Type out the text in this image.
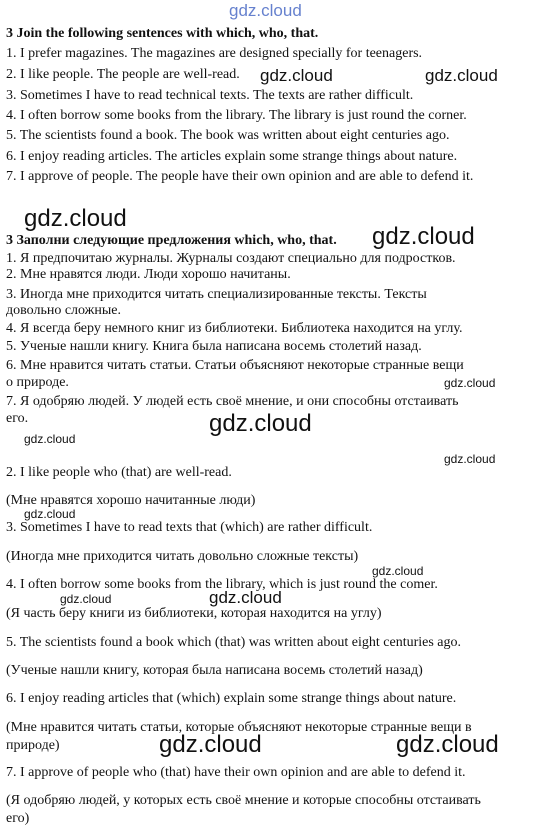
gdz.cloud
3 Join the following sentences with which, who, that.
1. I prefer magazines. The magazines are designed specially for teenagers.
2. I like people. The people are well-read.
3. Sometimes I have to read technical texts. The texts are rather difficult.
4. I often borrow some books from the library. The library is just round the corner.
5. The scientists found a book. The book was written about eight centuries ago.
6. I enjoy reading articles. The articles explain some strange things about nature.
7. I approve of people. The people have their own opinion and are able to defend it.
gdz.cloud	gdz.cloud
gdz.cloud
3 Заполни следующие предложения which, who, that.	gdz.cloud
1. Я предпочитаю журналы. Журналы создают специально для подростков.
2. Мне нравятся люди. Люди хорошо начитаны.
3. Иногда мне приходится читать специализированные тексты. Тексты
довольно сложные.
4. Я всегда беру немного книг из библиотеки. Библиотека находится на углу.
5. Ученые нашли книгу. Книга была написана восемь столетий назад.
6. Мне нравится читать статьи. Статьи объясняют некоторые странные вещи
о природе.
7. Я одобряю людей. У людей есть своё мнение, и они способны отстаивать
его.
gdz.cloud
gdz.cloud
gdz.cloud
gdz.cloud
2. I like people who (that) are well-read.
(Мне нравятся хорошо начитанные люди)
gdz.cloud
3. Sometimes I have to read texts that (which) are rather difficult.
(Иногда мне приходится читать довольно сложные тексты)
gdz.cloud
4. I often borrow some books from the library, which is just round the comer.
gdz.cloud	gdz.cloud
(Я часть беру книги из библиотеки, которая находится на углу)
5. The scientists found a book which (that) was written about eight centuries ago.
(Ученые нашли книгу, которая была написана восемь столетий назад)
6. I enjoy reading articles that (which) explain some strange things about nature.
(Мне нравится читать статьи, которые объясняют некоторые странные вещи в природе)	gdz.cloud	gdz.cloud
7. I approve of people who (that) have their own opinion and are able to defend it.
(Я одобряю людей, у которых есть своё мнение и которые способны отстаивать его)
